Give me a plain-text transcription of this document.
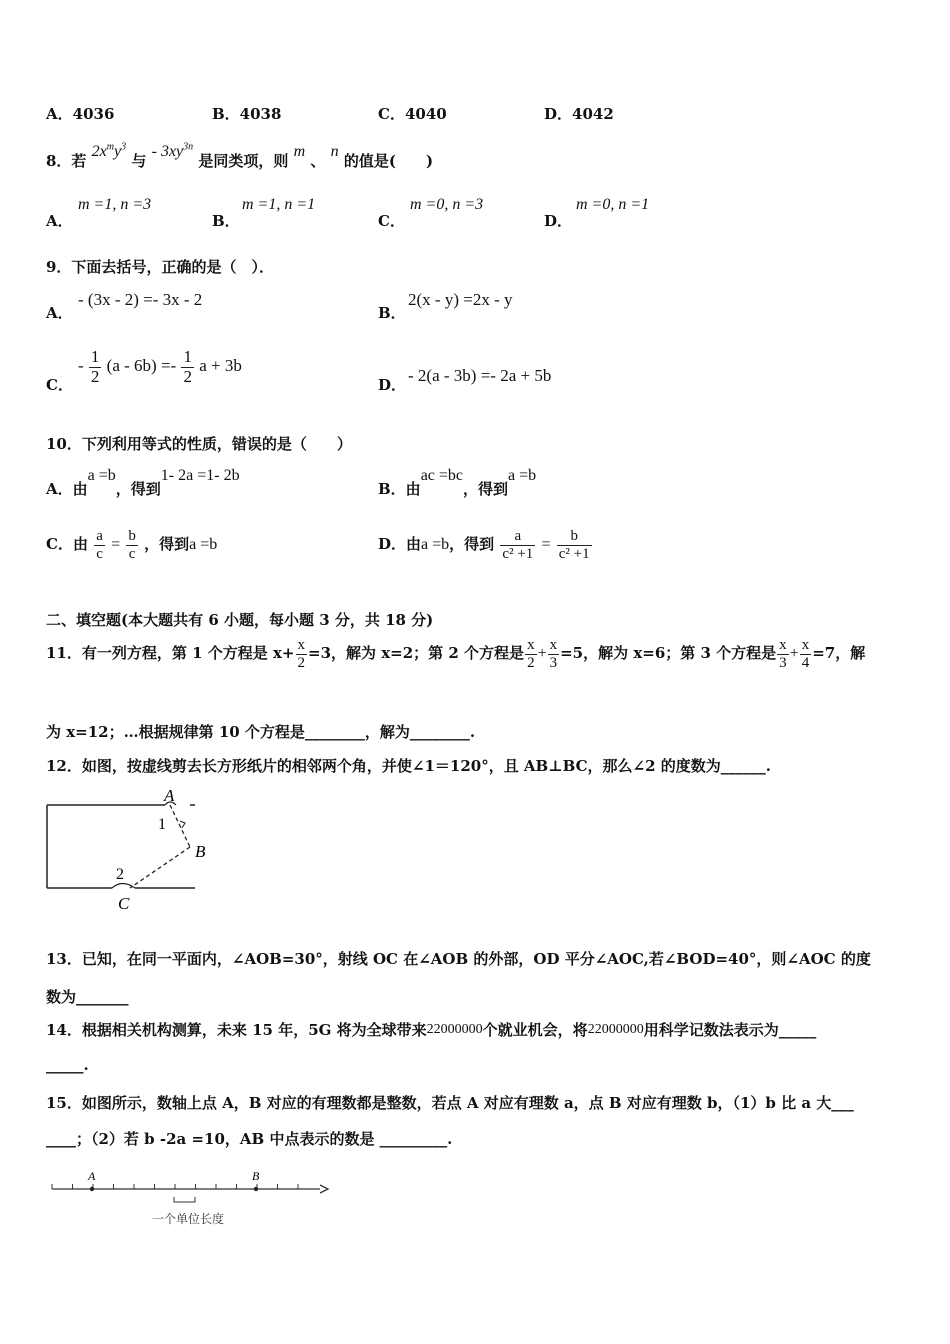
A．4036	B．4038	C．4040	D．4042
8．若 $2x^my^3$ 与 - $3xy^{3n}$ 是同类项，则 m 、 n 的值是(　　)
A．
m =1, n =3
B．
m =1, n =1
C．
m =0, n =3
D．
m =0, n =1
9．下面去括号，正确的是（　）．
A．
- (3x - 2) =- 3x - 2
B．
2(x - y) =2x - y
C．
- $\frac{1}{2} (a - 6b) =- \frac{1}{2}$ a + 3b
D． - 2(a - 3b) =- 2a + 5b
10．下列利用等式的性质，错误的是（　　）
A．由a =b，得到1- 2a =1- 2b
B．由ac =bc，得到a =b
C．由 $\frac{a}{c} = \frac{b}{c}$ ，得到a =b	D．由a =b，得到 $\frac{a}{\text{c² +1}} = \frac{b}{\text{c² +1}}$
二、填空题(本大题共有 6 小题，每小题 3 分，共 18 分)
11．有一列方程，第 1 个方程是 $x+ \frac{x}{2} =3$，解为 x=2；第 2 个方程是 $\frac{x}{2} + \frac{x}{3} =5$，解为 x=6；第 3 个方程是 $\frac{x}{3} + \frac{x}{4} =7$，解
为 x=12；…根据规律第 10 个方程是________，解为________.
12．如图，按虚线剪去长方形纸片的相邻两个角，并使∠1＝120°，且 AB⊥BC，那么∠2 的度数为______.
A
1
B
2
C
13．已知，在同一平面内，∠AOB=30°，射线 OC 在∠AOB 的外部，OD 平分∠AOC,若∠BOD=40°，则∠AOC 的度
数为_______
14．根据相关机构测算，未来 15 年，5G 将为全球带来22000000个就业机会，将22000000用科学记数法表示为_____
_____.
15．如图所示，数轴上点 A，B 对应的有理数都是整数，若点 A 对应有理数 a，点 B 对应有理数 b，（1）b 比 a 大___
____；（2）若 b -2a =10，AB 中点表示的数是 _________.
A	B
一个单位长度
